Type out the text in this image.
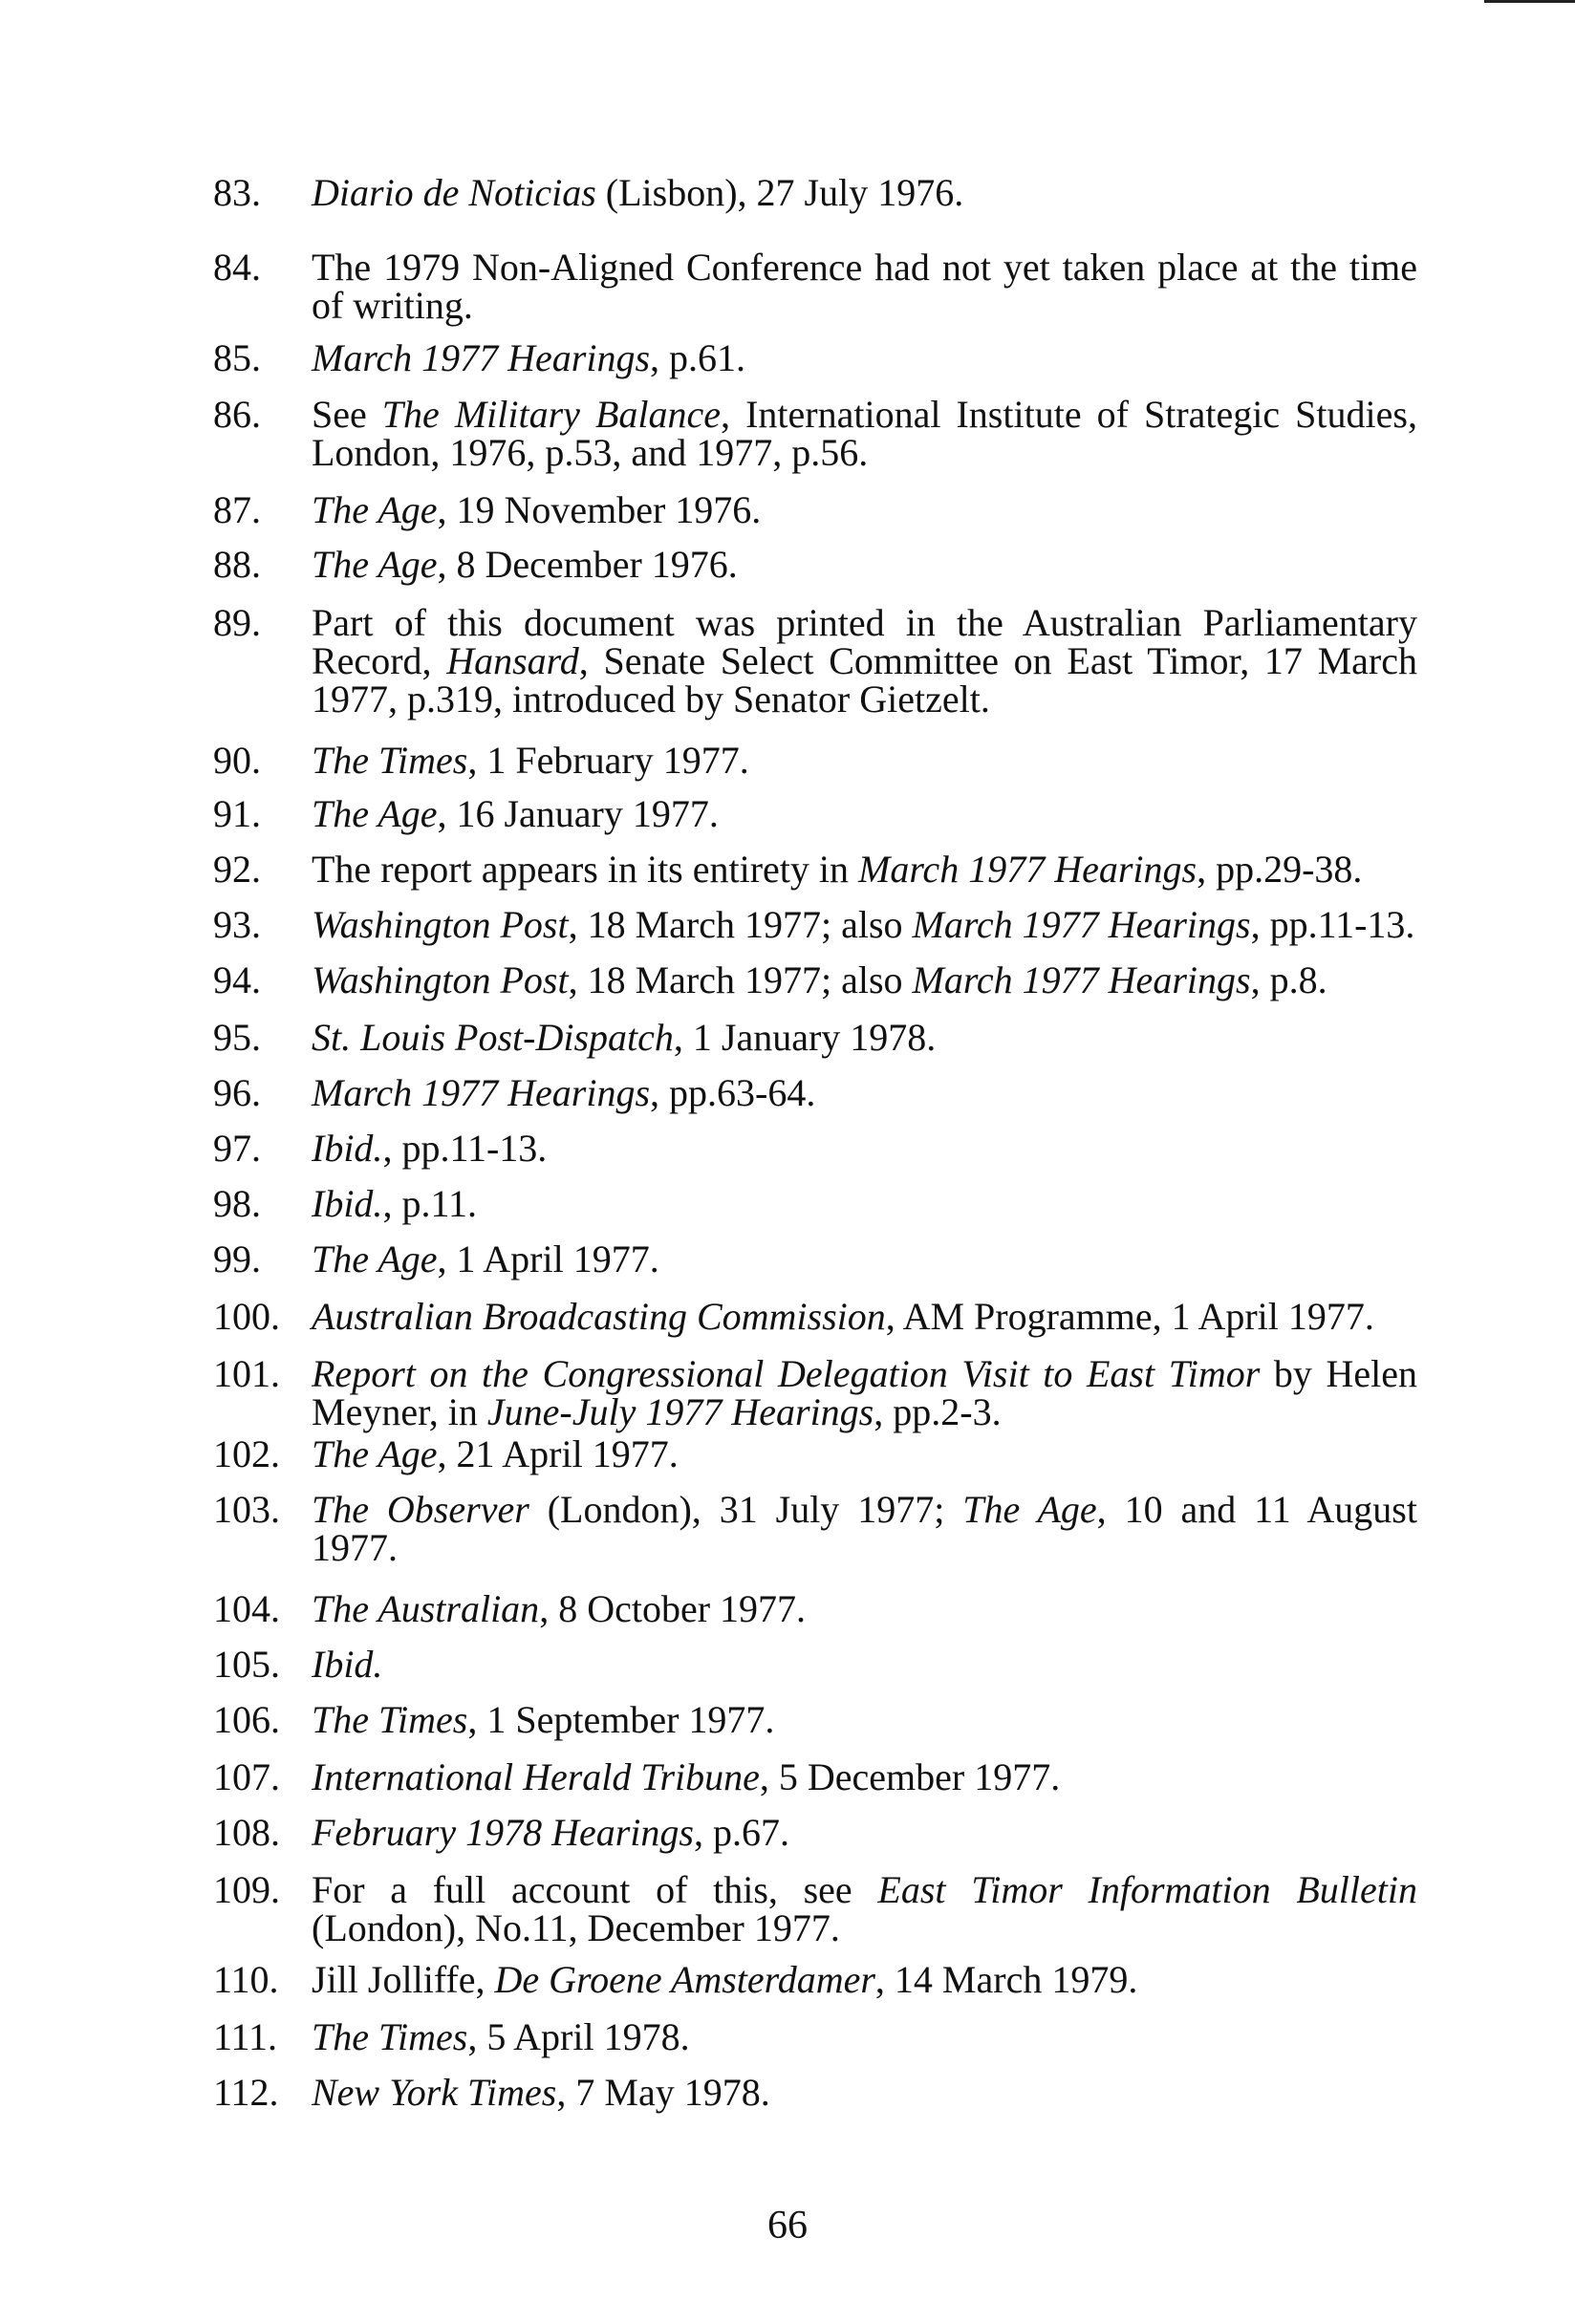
83.	Diario de Noticias (Lisbon), 27 July 1976.
84.	The 1979 Non-Aligned Conference had not yet taken place at the time of writing.
85.	March 1977 Hearings, p.61.
86.	See The Military Balance, International Institute of Strategic Studies, London, 1976, p.53, and 1977, p.56.
87.	The Age, 19 November 1976.
88.	The Age, 8 December 1976.
89.	Part of this document was printed in the Australian Parliamentary Record, Hansard, Senate Select Committee on East Timor, 17 March 1977, p.319, introduced by Senator Gietzelt.
90.	The Times, 1 February 1977.
91.	The Age, 16 January 1977.
92.	The report appears in its entirety in March 1977 Hearings, pp.29-38.
93.	Washington Post, 18 March 1977; also March 1977 Hearings, pp.11-13.
94.	Washington Post, 18 March 1977; also March 1977 Hearings, p.8.
95.	St. Louis Post-Dispatch, 1 January 1978.
96.	March 1977 Hearings, pp.63-64.
97.	Ibid., pp.11-13.
98.	Ibid., p.11.
99.	The Age, 1 April 1977.
100. Australian Broadcasting Commission, AM Programme, 1 April 1977.
101. Report on the Congressional Delegation Visit to East Timor by Helen Meyner, in June-July 1977 Hearings, pp.2-3.
102. The Age, 21 April 1977.
103. The Observer (London), 31 July 1977; The Age, 10 and 11 August 1977.
104. The Australian, 8 October 1977.
105. Ibid.
106. The Times, 1 September 1977.
107. International Herald Tribune, 5 December 1977.
108. February 1978 Hearings, p.67.
109. For a full account of this, see East Timor Information Bulletin (London), No.11, December 1977.
110. Jill Jolliffe, De Groene Amsterdamer, 14 March 1979.
111. The Times, 5 April 1978.
112. New York Times, 7 May 1978.
66
